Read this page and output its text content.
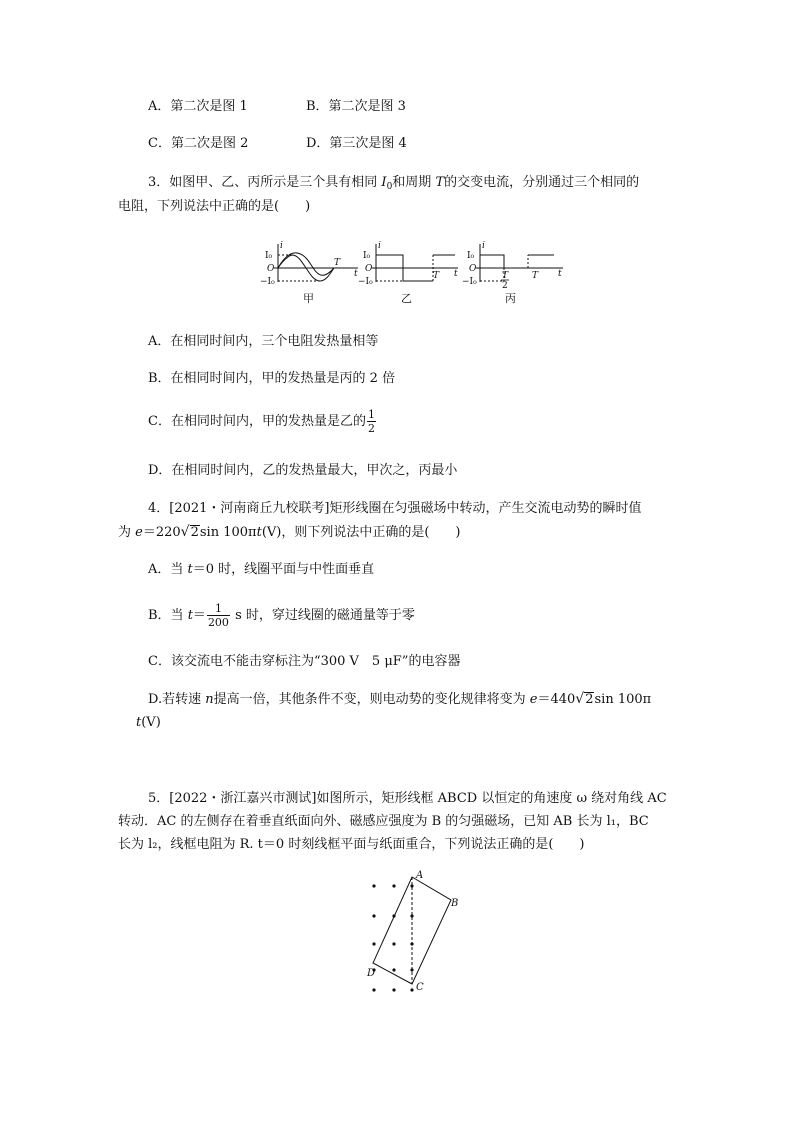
A．第二次是图 1	B．第二次是图 3
C．第二次是图 2	D．第三次是图 4
3．如图甲、乙、丙所示是三个具有相同 $I_0$和周期 T的交变电流，分别通过三个相同的
电阻，下列说法中正确的是(　　)
i
I₀
O
−I₀
T
t
甲
i
I₀
O
−I₀
T t
乙
i
I₀
O
−I₀
T
2
T t
丙
A．在相同时间内，三个电阻发热量相等
B．在相同时间内，甲的发热量是丙的 2 倍
C．在相同时间内，甲的发热量是乙的 $\frac{1}{2}$
D．在相同时间内，乙的发热量最大，甲次之，丙最小
4．[2021・河南商丘九校联考]矩形线圈在匀强磁场中转动，产生交流电动势的瞬时值
为 e＝220√2sin 100πt(V)，则下列说法中正确的是(　　)
A．当 t＝0 时，线圈平面与中性面垂直
B．当 $t= \frac{1}{200}$ s 时，穿过线圈的磁通量等于零
C．该交流电不能击穿标注为“300 V　5 μF”的电容器
D.若转速 n提高一倍，其他条件不变，则电动势的变化规律将变为 e＝440√2sin 100π
t(V)
5．[2022・浙江嘉兴市测试]如图所示，矩形线框 ABCD 以恒定的角速度 ω 绕对角线 AC
转动．AC 的左侧存在着垂直纸面向外、磁感应强度为 B 的匀强磁场，已知 AB 长为 l₁，BC
长为 l₂，线框电阻为 R. t＝0 时刻线框平面与纸面重合，下列说法正确的是(　　)
A
B
C
D
